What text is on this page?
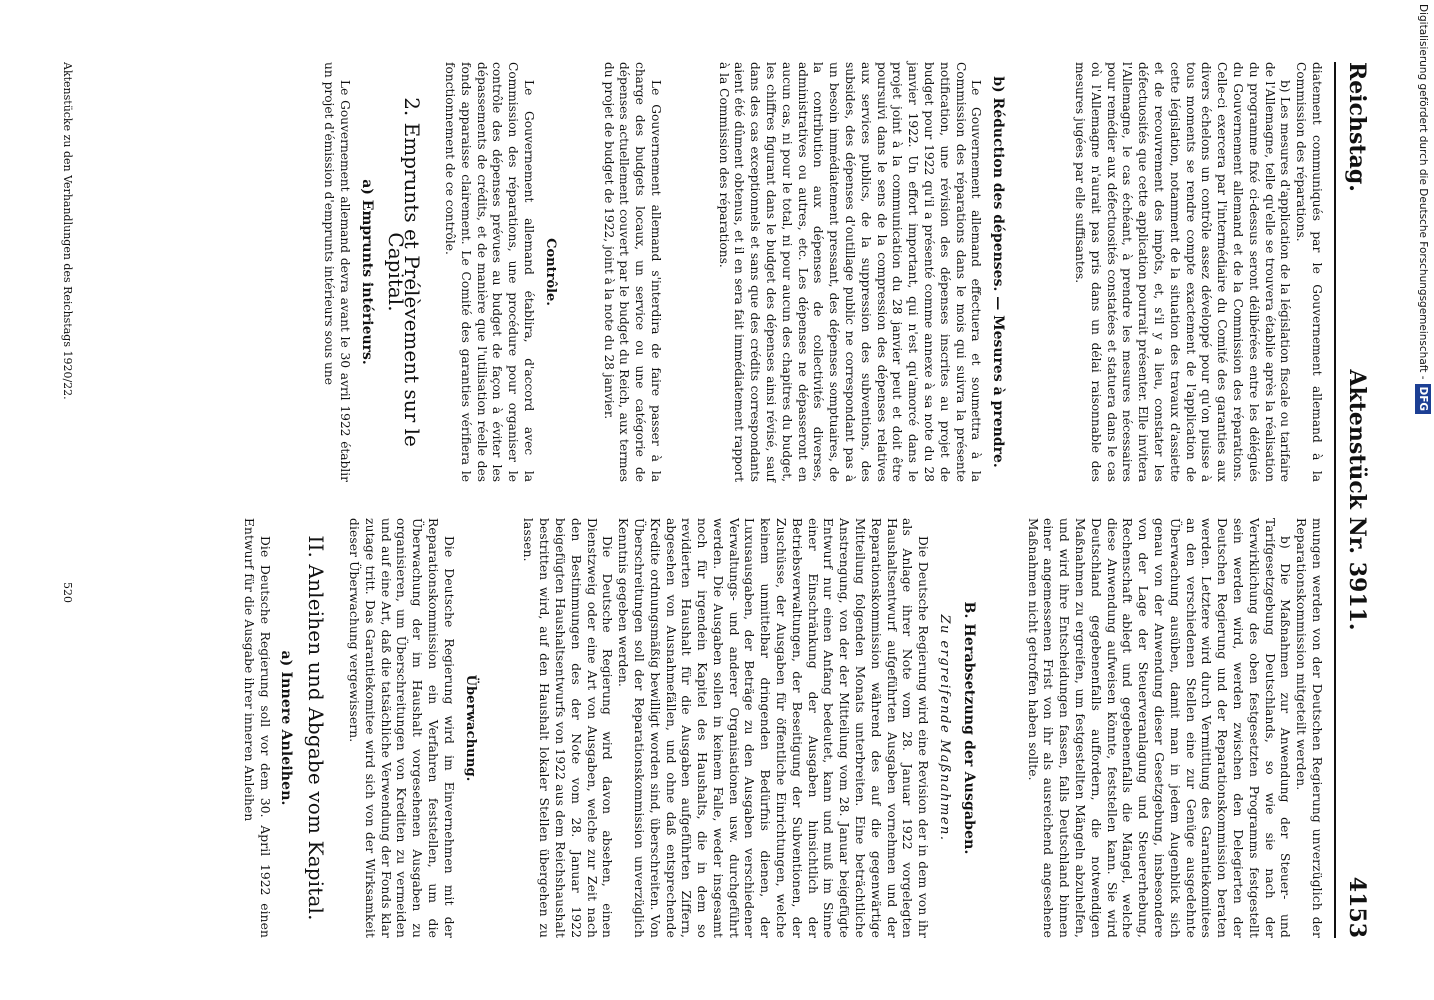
Reichstag.
Aktenstück Nr. 3911.
4153

diatement communiqués par le Gouvernement allemand à la Commission des réparations.

b) Les mesures d'application de la législation fiscale ou tarifaire de l'Allemagne, telle qu'elle se trouvera établie après la réalisation du programme fixé ci-dessus seront délibérées entre les délégués du Gouvernement allemand et de la Commission des réparations. Celle-ci exercera par l'intermédiaire du Comité des garanties aux divers échelons un contrôle assez développé pour qu'on puisse à tous moments se rendre compte exactement de l'application de cette législation, notamment de la situation des travaux d'assiette et de recouvrement des impôts, et, s'il y a lieu, constater les défectuosités que cette application pourrait présenter. Elle invitera l'Allemagne, le cas échéant, à prendre les mesures nécessaires pour remédier aux défectuosités constatées et statuera dans le cas où l'Allemagne n'aurait pas pris dans un délai raisonnable des mesures jugées par elle suffisantes.

b) Réduction des dépenses. — Mesures à prendre.

Le Gouvernement allemand effectuera et soumettra à la Commission des réparations dans le mois qui suivra la présente notification, une révision des dépenses inscrites au projet de budget pour 1922 qu'il a présenté comme annexe à sa note du 28 janvier 1922. Un effort important, qui n'est qu'amorcé dans le projet joint à la communication du 28 janvier peut et doit être poursuivi dans le sens de la compression des dépenses relatives aux services publics, de la suppression des subventions, des subsides, des dépenses d'outillage public ne correspondant pas à un besoin immédiatement pressant, des dépenses somptuaires, de la contribution aux dépenses de collectivités diverses, administratives ou autres, etc. Les dépenses ne dépasseront en aucun cas, ni pour le total, ni pour aucun des chapitres du budget, les chiffres figurant dans le budget des dépenses ainsi révisé, sauf dans des cas exceptionnels et sans que des crédits correspondants aient été dûment obtenus, et il en sera fait immédiatement rapport à la Commission des réparations.

Le Gouvernement allemand s'interdira de faire passer à la charge des budgets locaux, un service ou une catégorie de dépenses actuellement couvert par le budget du Reich, aux termes du projet de budget de 1922, joint à la note du 28 janvier.

Contrôle.

Le Gouvernement allemand établira, d'accord avec la Commission des réparations, une procédure pour organiser le contrôle des dépenses prévues au budget de façon à éviter les dépassements de crédits, et de manière que l'utilisation réelle des fonds apparaisse clairement. Le Comité des garanties vérifiera le fonctionnement de ce contrôle.

2. Emprunts et Prélèvement sur le Capital.
a) Emprunts intérieurs.

Le Gouvernement allemand devra avant le 30 avril 1922 établir un projet d'émission d'emprunts intérieurs sous une

mungen werden von der Deutschen Regierung unverzüglich der Reparationskommission mitgeteilt werden.

b) Die Maßnahmen zur Anwendung der Steuer- und Tarifgesetzgebung Deutschlands, so wie sie nach der Verwirklichung des oben festgesetzten Programms festgestellt sein werden wird, werden zwischen den Delegierten der Deutschen Regierung und der Reparationskommission beraten werden. Letztere wird durch Vermittlung des Garantiekomitees an den verschiedenen Stellen eine zur Genüge ausgedehnte Überwachung ausüben, damit man in jedem Augenblick sich genau von der Anwendung dieser Gesetzgebung, insbesondere von der Lage der Steuerveranlagung und Steuererhebung, Rechenschaft ablegt und gegebenenfalls die Mängel, welche diese Anwendung aufweisen könnte, feststellen kann. Sie wird Deutschland gegebenenfalls auffordern, die notwendigen Maßnahmen zu ergreifen, um festgestellten Mängeln abzuhelfen, und wird ihre Entscheidungen fassen, falls Deutschland binnen einer angemessenen Frist von ihr als ausreichend angesehene Maßnahmen nicht getroffen haben sollte.

B. Herabsetzung der Ausgaben.
Zu ergreifende Maßnahmen.

Die Deutsche Regierung wird eine Revision der in dem von ihr als Anlage ihrer Note vom 28. Januar 1922 vorgelegten Haushaltsentwurf aufgeführten Ausgaben vornehmen und der Reparationskommission während des auf die gegenwärtige Mitteilung folgenden Monats unterbreiten. Eine beträchtliche Anstrengung, von der der Mitteilung vom 28. Januar beigefügte Entwurf nur einen Anfang bedeutet, kann und muß im Sinne einer Einschränkung der Ausgaben hinsichtlich der Betriebsverwaltungen, der Beseitigung der Subventionen, der Zuschüsse, der Ausgaben für öffentliche Einrichtungen, welche keinem unmittelbar dringenden Bedürfnis dienen, der Luxusausgaben, der Beträge zu den Ausgaben verschiedener Verwaltungs- und anderer Organisationen usw. durchgeführt werden. Die Ausgaben sollen in keinem Falle, weder insgesamt noch für irgendein Kapitel des Haushalts, die in dem so revidierten Haushalt für die Ausgaben aufgeführten Ziffern, abgesehen von Ausnahmefällen, und ohne daß entsprechende Kredite ordnungsmäßig bewilligt worden sind, überschreiten. Von Überschreitungen soll der Reparationskommission unverzüglich Kenntnis gegeben werden.

Die Deutsche Regierung wird davon absehen, einen Dienstzweig oder eine Art von Ausgaben, welche zur Zeit nach den Bestimmungen des der Note vom 28. Januar 1922 beigefügten Haushaltsentwurfs von 1922 aus dem Reichshaushalt bestritten wird, auf den Haushalt lokaler Stellen übergehen zu lassen.

Überwachung.

Die Deutsche Regierung wird im Einvernehmen mit der Reparationskommission ein Verfahren feststellen, um die Überwachung der im Haushalt vorgesehenen Ausgaben zu organisieren, um Überschreitungen von Krediten zu vermeiden und auf eine Art, daß die tatsächliche Verwendung der Fonds klar zutage tritt. Das Garantiekomitee wird sich von der Wirksamkeit dieser Überwachung vergewissern.

II. Anleihen und Abgabe vom Kapital.
a) Innere Anleihen.

Die Deutsche Regierung soll vor dem 30. April 1922 einen Entwurf für die Ausgabe ihrer inneren Anleihen

Aktenstücke zu den Verhandlungen des Reichstags 1920/22.
520
Digitalisierung gefördert durch die Deutsche Forschungsgemeinschaft -DFG
